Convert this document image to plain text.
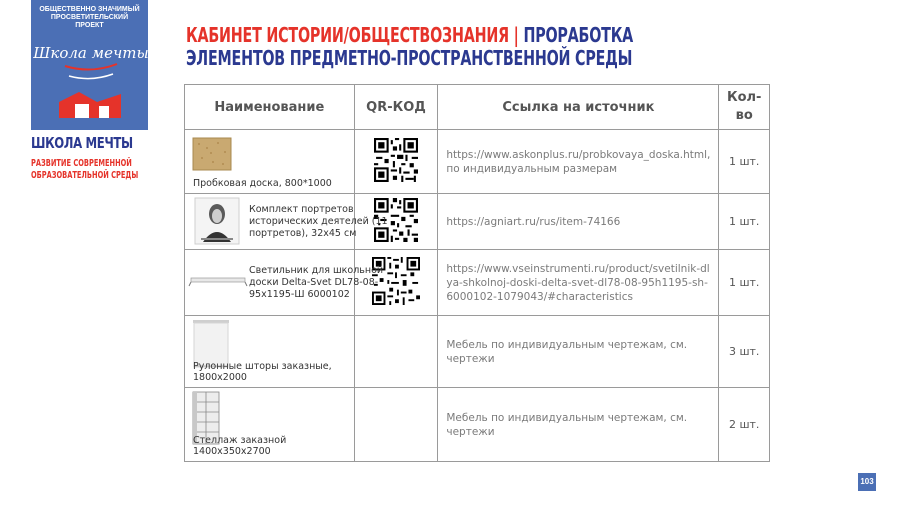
ОБЩЕСТВЕННО ЗНАЧИМЫЙ ПРОСВЕТИТЕЛЬСКИЙ ПРОЕКТ
Школа мечты
ШКОЛА МЕЧТЫ
РАЗВИТИЕ СОВРЕМЕННОЙ
ОБРАЗОВАТЕЛЬНОЙ СРЕДЫ
КАБИНЕТ ИСТОРИИ/ОБЩЕСТВОЗНАНИЯ | ПРОРАБОТКА ЭЛЕМЕНТОВ ПРЕДМЕТНО-ПРОСТРАНСТВЕННОЙ СРЕДЫ
Наименование	QR-КОД	Ссылка на источник	Кол-
во

Пробковая доска, 800*1000		https://www.askonplus.ru/probkovaya_doska.html, по индивидуальным размерам	1 шт.

Комплект портретов исторических деятелей (11 портретов), 32х45 см		https://agniart.ru/rus/item-74166	1 шт.

Светильник для школьной доски Delta-Svet DL78-08-95х1195-Ш 6000102		https://www.vseinstrumenti.ru/product/svetilnik-dlya-shkolnoj-doski-delta-svet-dl78-08-95h1195-sh-6000102-1079043/#characteristics	1 шт.

Рулонные шторы заказные, 1800х2000		Мебель по индивидуальным чертежам, см. чертежи	3 шт.

Стеллаж заказной 1400х350х2700		Мебель по индивидуальным чертежам, см. чертежи	2 шт.
103
